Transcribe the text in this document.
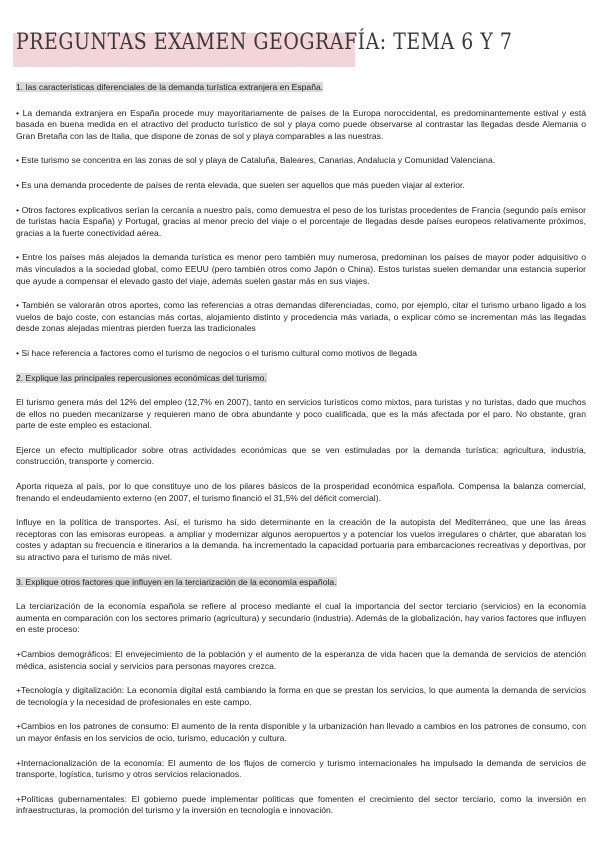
PREGUNTAS EXAMEN GEOGRAFÍA: TEMA 6 Y 7

1. las características diferenciales de la demanda turística extranjera en España.

• La demanda extranjera en España procede muy mayoritariamente de países de la Europa noroccidental, es predominantemente estival y está basada en buena medida en el atractivo del producto turístico de sol y playa como puede observarse al contrastar las llegadas desde Alemania o Gran Bretaña con las de Italia, que dispone de zonas de sol y playa comparables a las nuestras.

• Este turismo se concentra en las zonas de sol y playa de Cataluña, Baleares, Canarias, Andalucía y Comunidad Valenciana.

• Es una demanda procedente de países de renta elevada, que suelen ser aquellos que más pueden viajar al exterior.

• Otros factores explicativos serían la cercanía a nuestro país, como demuestra el peso de los turistas procedentes de Francia (segundo país emisor de turistas hacia España) y Portugal, gracias al menor precio del viaje o el porcentaje de llegadas desde países europeos relativamente próximos, gracias a la fuerte conectividad aérea.

• Entre los países más alejados la demanda turística es menor pero también muy numerosa, predominan los países de mayor poder adquisitivo o más vinculados a la sociedad global, como EEUU (pero también otros como Japón o China). Estos turistas suelen demandar una estancia superior que ayude a compensar el elevado gasto del viaje, además suelen gastar más en sus viajes.

• También se valorarán otros aportes, como las referencias a otras demandas diferenciadas, como, por ejemplo, citar el turismo urbano ligado a los vuelos de bajo coste, con estancias más cortas, alojamiento distinto y procedencia más variada, o explicar cómo se incrementan más las llegadas desde zonas alejadas mientras pierden fuerza las tradicionales

• Si hace referencia a factores como el turismo de negocios o el turismo cultural como motivos de llegada

2. Explique las principales repercusiones económicas del turismo.

El turismo genera más del 12% del empleo (12,7% en 2007), tanto en servicios turísticos como mixtos, para turistas y no turistas, dado que muchos de ellos no pueden mecanizarse y requieren mano de obra abundante y poco cualificada, que es la más afectada por el paro. No obstante, gran parte de este empleo es estacional.

Ejerce un efecto multiplicador sobre otras actividades económicas que se ven estimuladas por la demanda turística: agricultura, industria, construcción, transporte y comercio.

Aporta riqueza al país, por lo que constituye uno de los pilares básicos de la prosperidad económica española. Compensa la balanza comercial, frenando el endeudamiento externo (en 2007, el turismo financió el 31,5% del déficit comercial).

Influye en la política de transportes. Así, el turismo ha sido determinante en la creación de la autopista del Mediterráneo, que une las áreas receptoras con las emisoras europeas. a ampliar y modernizar algunos aeropuertos y a potenciar los vuelos irregulares o chárter, que abaratan los costes y adaptan su frecuencia e itinerarios a la demanda. ha incrementado la capacidad portuaria para embarcaciones recreativas y deportivas, por su atractivo para el turismo de más nivel.

3. Explique otros factores que influyen en la terciarización de la economía española.

La terciarización de la economía española se refiere al proceso mediante el cual la importancia del sector terciario (servicios) en la economía aumenta en comparación con los sectores primario (agricultura) y secundario (industria). Además de la globalización, hay varios factores que influyen en este proceso:

+Cambios demográficos: El envejecimiento de la población y el aumento de la esperanza de vida hacen que la demanda de servicios de atención médica, asistencia social y servicios para personas mayores crezca.

+Tecnología y digitalización: La economía digital está cambiando la forma en que se prestan los servicios, lo que aumenta la demanda de servicios de tecnología y la necesidad de profesionales en este campo.

+Cambios en los patrones de consumo: El aumento de la renta disponible y la urbanización han llevado a cambios en los patrones de consumo, con un mayor énfasis en los servicios de ocio, turismo, educación y cultura.

+Internacionalización de la economía: El aumento de los flujos de comercio y turismo internacionales ha impulsado la demanda de servicios de transporte, logística, turismo y otros servicios relacionados.

+Políticas gubernamentales: El gobierno puede implementar políticas que fomenten el crecimiento del sector terciario, como la inversión en infraestructuras, la promoción del turismo y la inversión en tecnología e innovación.
